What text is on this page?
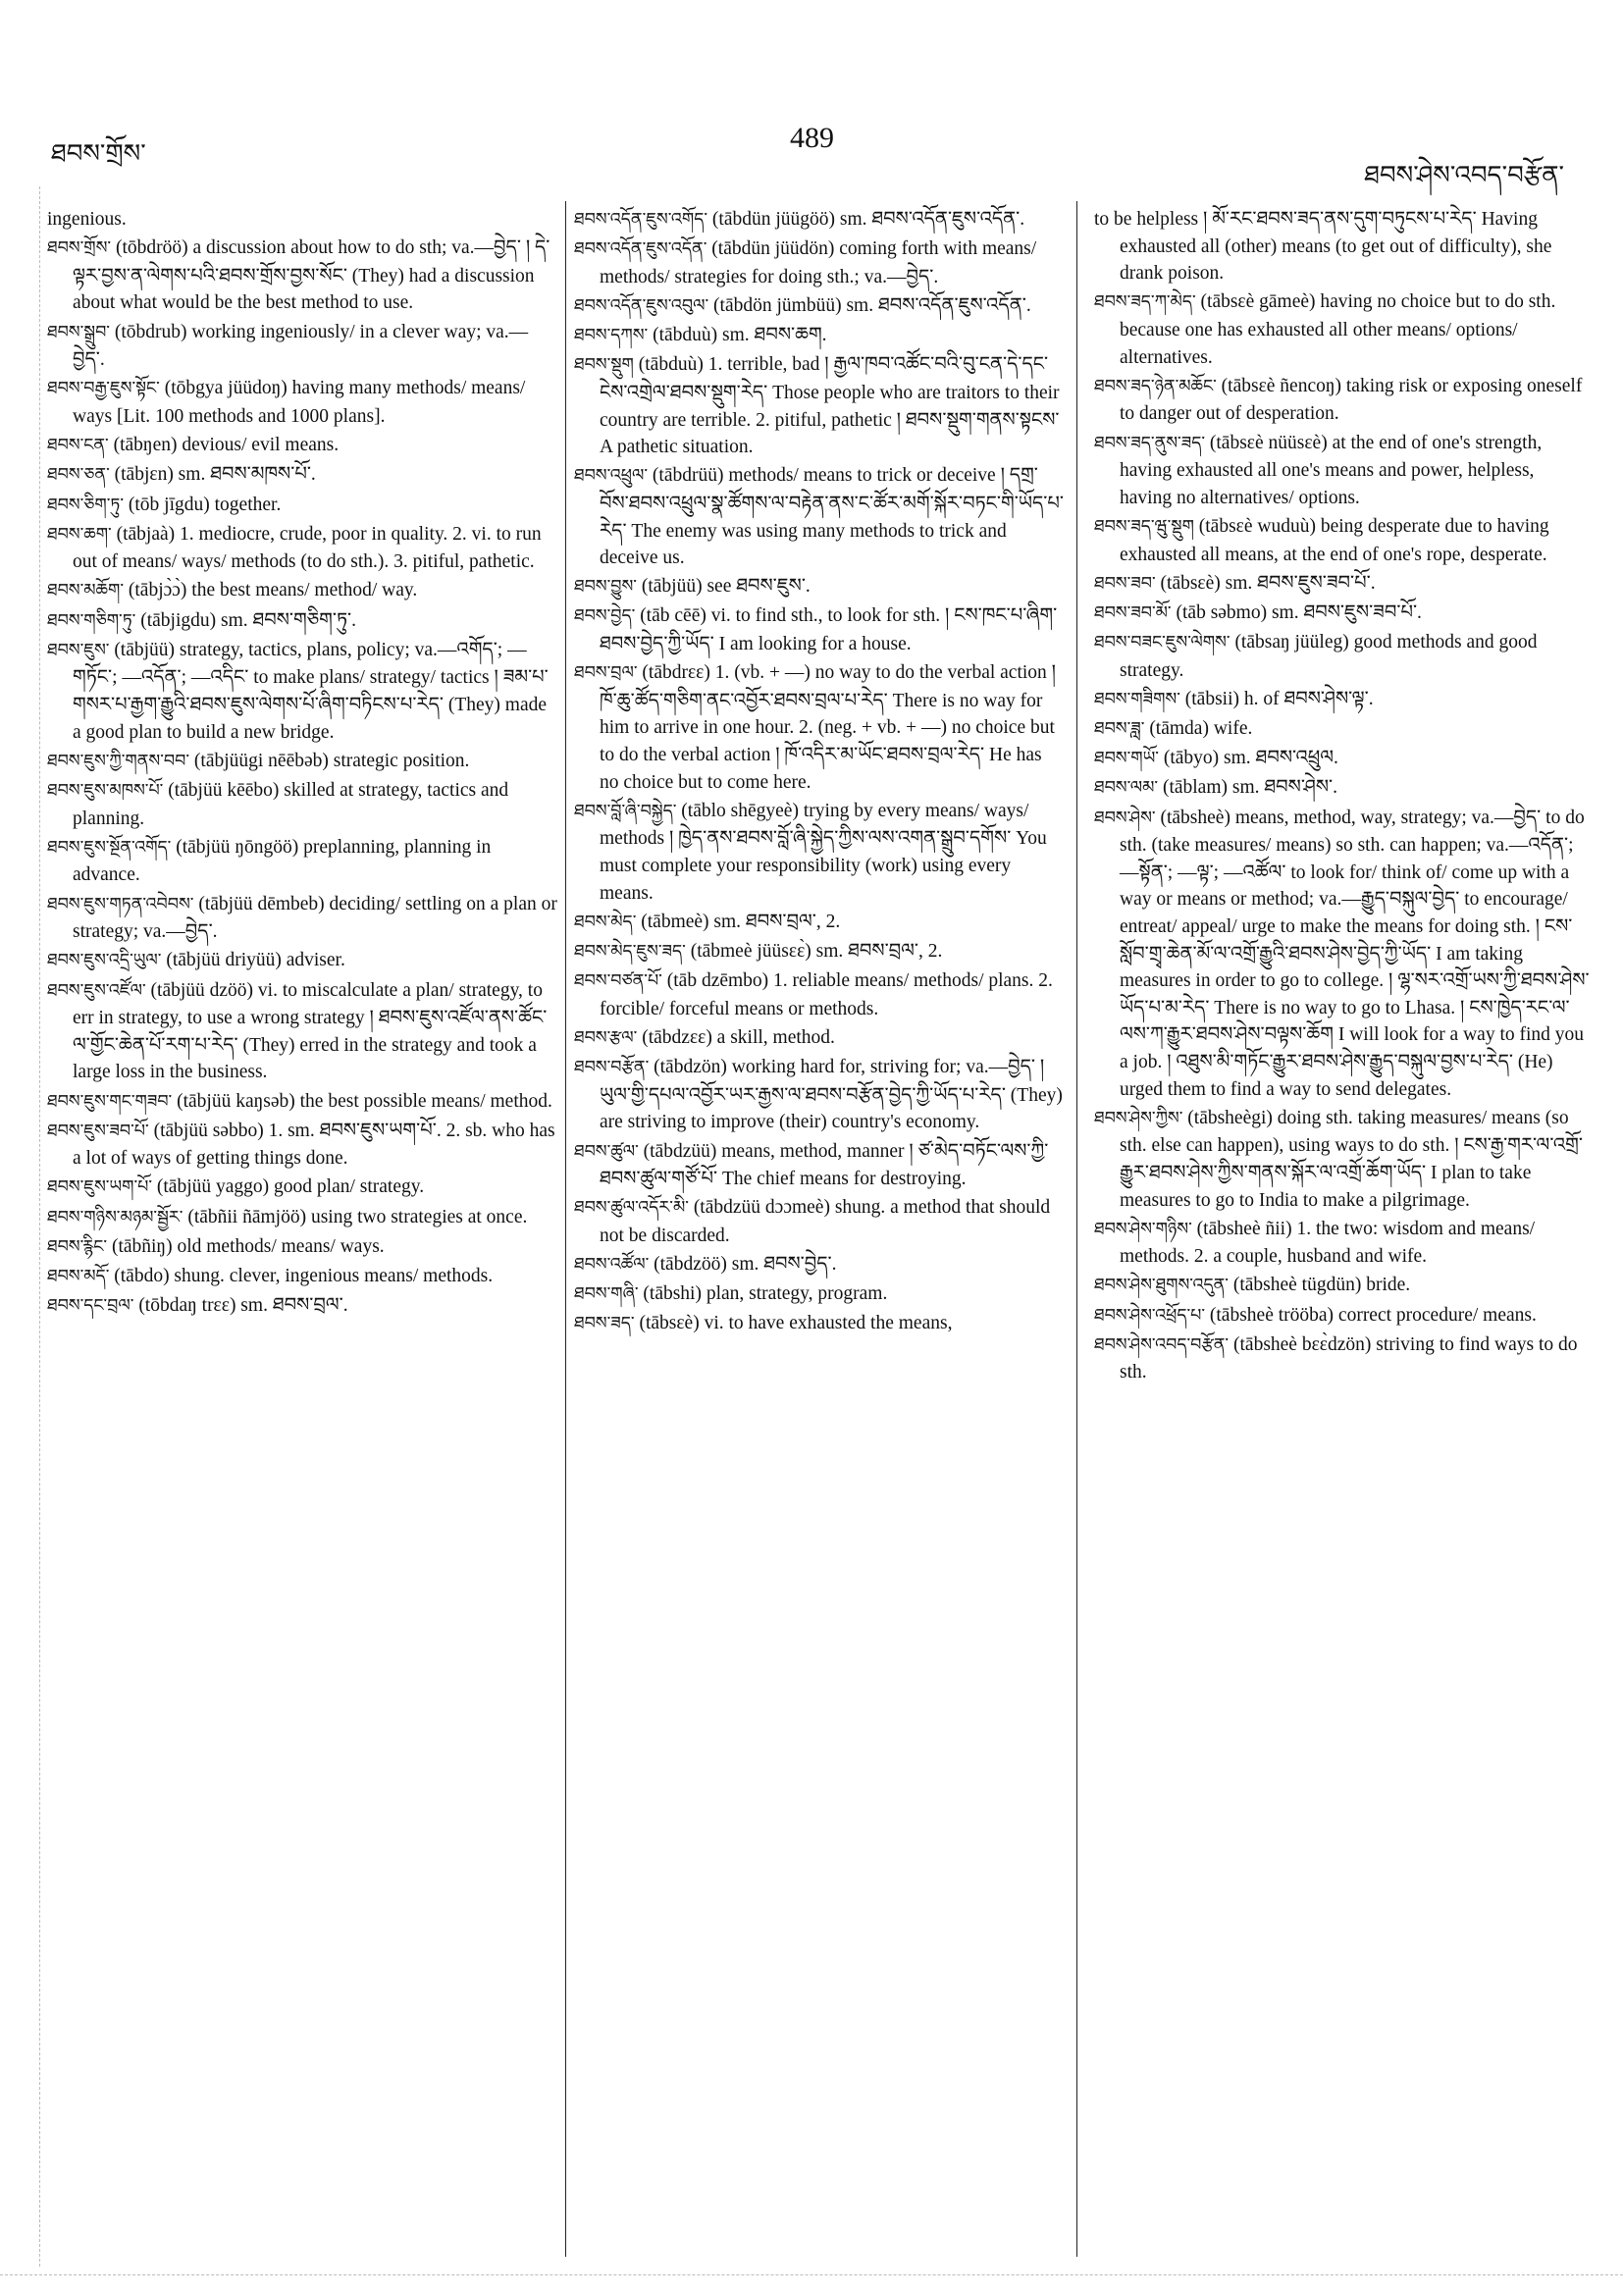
ཐབས་གྲོས་	489
ཐབས་ཤེས་འབད་བརྩོན་
ingenious.
ཐབས་གྲོས་ (tōbdröö) a discussion about how to do sth; va.—བྱེད་ ། དེ་ལྟར་བྱས་ན་ལེགས་པའི་ཐབས་གྲོས་བྱས་སོང་ (They) had a discussion about what would be the best method to use.
ཐབས་སྒྲུབ་ (tōbdrub) working ingeniously/ in a clever way; va.—བྱེད་.
ཐབས་བརྒྱ་ཇུས་སྟོང་ (tōbgya jüüdoŋ) having many methods/ means/ ways [Lit. 100 methods and 1000 plans].
ཐབས་ངན་ (tābŋen) devious/ evil means.
ཐབས་ཅན་ (tābjɛn) sm. ཐབས་མཁས་པོ་.
ཐབས་ཅིག་ཏུ་ (tōb jīgdu) together.
ཐབས་ཆག་ (tābjaà) 1. mediocre, crude, poor in quality. 2. vi. to run out of means/ ways/ methods (to do sth.). 3. pitiful, pathetic.
ཐབས་མཆོག་ (tābjɔ̀ɔ̀) the best means/ method/ way.
ཐབས་གཅིག་ཏུ་ (tābjigdu) sm. ཐབས་གཅིག་ཏུ་.
ཐབས་ཇུས་ (tābjüü) strategy, tactics, plans, policy; va.—འགོད་; —གཏོང་; —འདོན་; —འདིང་ to make plans/ strategy/ tactics ། ཟམ་པ་གསར་པ་རྒྱག་རྒྱུའི་ཐབས་ཇུས་ལེགས་པོ་ཞིག་བཏིངས་པ་རེད་ (They) made a good plan to build a new bridge.
ཐབས་ཇུས་ཀྱི་གནས་བབ་ (tābjüügi nēēbəb) strategic position.
ཐབས་ཇུས་མཁས་པོ་ (tābjüü kēēbo) skilled at strategy, tactics and planning.
ཐབས་ཇུས་སྔོན་འགོད་ (tābjüü ŋōngöö) preplanning, planning in advance.
ཐབས་ཇུས་གཏན་འབེབས་ (tābjüü dēmbeb) deciding/ settling on a plan or strategy; va.—བྱེད་.
ཐབས་ཇུས་འདྲི་ཡུལ་ (tābjüü driyüü) adviser.
ཐབས་ཇུས་འཛོལ་ (tābjüü dzöö) vi. to miscalculate a plan/ strategy, to err in strategy, to use a wrong strategy ། ཐབས་ཇུས་འཛོལ་ནས་ཚོང་ལ་གྱོང་ཆེན་པོ་རག་པ་རེད་ (They) erred in the strategy and took a large loss in the business.
ཐབས་ཇུས་གང་གཟབ་ (tābjüü kaŋsəb) the best possible means/ method.
ཐབས་ཇུས་ཟབ་པོ་ (tābjüü səbbo) 1. sm. ཐབས་ཇུས་ཡག་པོ་. 2. sb. who has a lot of ways of getting things done.
ཐབས་ཇུས་ཡག་པོ་ (tābjüü yaggo) good plan/ strategy.
ཐབས་གཉིས་མཉམ་སྦྱོར་ (tābñii ñāmjöö) using two strategies at once.
ཐབས་རྙིང་ (tābñiŋ) old methods/ means/ ways.
ཐབས་མདོ་ (tābdo) shung. clever, ingenious means/ methods.
ཐབས་དང་བྲལ་ (tōbdaŋ trɛɛ) sm. ཐབས་བྲལ་.
ཐབས་འདོན་ཇུས་འགོད་ (tābdün jüügöö) sm. ཐབས་འདོན་ཇུས་འདོན་.
ཐབས་འདོན་ཇུས་འདོན་ (tābdün jüüdön) coming forth with means/ methods/ strategies for doing sth.; va.—བྱེད་.
ཐབས་འདོན་ཇུས་འབུལ་ (tābdön jümbüü) sm. ཐབས་འདོན་ཇུས་འདོན་.
ཐབས་དཀས་ (tābduù) sm. ཐབས་ཆག.
ཐབས་སྡུག (tābduù) 1. terrible, bad ། རྒྱལ་ཁབ་འཚོང་བའི་བུ་ངན་དེ་དང་ངེས་འགྲེལ་ཐབས་སྡུག་རེད་ Those people who are traitors to their country are terrible. 2. pitiful, pathetic ། ཐབས་སྡུག་གནས་སྟངས་ A pathetic situation.
ཐབས་འཕྲུལ་ (tābdrüü) methods/ means to trick or deceive ། དགྲ་བོས་ཐབས་འཕྲུལ་སྣ་ཚོགས་ལ་བརྟེན་ནས་ང་ཚོར་མགོ་སྐོར་བཏང་གི་ཡོད་པ་རེད་ The enemy was using many methods to trick and deceive us.
ཐབས་བྱུས་ (tābjüü) see ཐབས་ཇུས་.
ཐབས་བྱེད་ (tāb cēē) vi. to find sth., to look for sth. ། ངས་ཁང་པ་ཞིག་ཐབས་བྱེད་ཀྱི་ཡོད་ I am looking for a house.
ཐབས་བྲལ་ (tābdrɛɛ) 1. (vb. + —) no way to do the verbal action ། ཁོ་ཆུ་ཚོད་གཅིག་ནང་འབྱོར་ཐབས་བྲལ་པ་རེད་ There is no way for him to arrive in one hour. 2. (neg. + vb. + —) no choice but to do the verbal action ། ཁོ་འདིར་མ་ཡོང་ཐབས་བྲལ་རེད་ He has no choice but to come here.
ཐབས་བློ་ཞི་བསྐྱེད་ (tāblo shēgyeè) trying by every means/ ways/ methods ། ཁྱེད་ནས་ཐབས་བློ་ཞི་སྐྱེད་ཀྱིས་ལས་འགན་སྒྲུབ་དགོས་ You must complete your responsibility (work) using every means.
ཐབས་མེད་ (tābmeè) sm. ཐབས་བྲལ་, 2.
ཐབས་མེད་ཇུས་ཟད་ (tābmeè jüüsɛɛ̀) sm. ཐབས་བྲལ་, 2.
ཐབས་བཙན་པོ་ (tāb dzēmbo) 1. reliable means/ methods/ plans. 2. forcible/ forceful means or methods.
ཐབས་རྩལ་ (tābdzɛɛ) a skill, method.
ཐབས་བརྩོན་ (tābdzön) working hard for, striving for; va.—བྱེད་ ། ཡུལ་གྱི་དཔལ་འབྱོར་ཡར་རྒྱས་ལ་ཐབས་བརྩོན་བྱེད་ཀྱི་ཡོད་པ་རེད་ (They) are striving to improve (their) country's economy.
ཐབས་ཚུལ་ (tābdzüü) means, method, manner ། ཙ་མེད་བཏོང་ལས་ཀྱི་ཐབས་ཚུལ་གཙོ་པོ་ The chief means for destroying.
ཐབས་ཚུལ་འདོར་མི་ (tābdzüü dɔɔmeè) shung. a method that should not be discarded.
ཐབས་འཚོལ་ (tābdzöö) sm. ཐབས་བྱེད་.
ཐབས་གཞི་ (tābshi) plan, strategy, program.
ཐབས་ཟད་ (tābsɛè) vi. to have exhausted the means,
to be helpless ། མོ་རང་ཐབས་ཟད་ནས་དུག་བཏུངས་པ་རེད་ Having exhausted all (other) means (to get out of difficulty), she drank poison.
ཐབས་ཟད་ཀ་མེད་ (tābsɛè gāmeè) having no choice but to do sth. because one has exhausted all other means/ options/ alternatives.
ཐབས་ཟད་ཉེན་མཆོང་ (tābsɛè ñencoŋ) taking risk or exposing oneself to danger out of desperation.
ཐབས་ཟད་ནུས་ཟད་ (tābsɛè nüüsɛè) at the end of one's strength, having exhausted all one's means and power, helpless, having no alternatives/ options.
ཐབས་ཟད་ཝུ་སྡུག (tābsɛè wuduù) being desperate due to having exhausted all means, at the end of one's rope, desperate.
ཐབས་ཟབ་ (tābsɛè) sm. ཐབས་ཇུས་ཟབ་པོ་.
ཐབས་ཟབ་མོ་ (tāb səbmo) sm. ཐབས་ཇུས་ཟབ་པོ་.
ཐབས་བཟང་ཇུས་ལེགས་ (tābsaŋ jüüleg) good methods and good strategy.
ཐབས་གཟིགས་ (tābsii) h. of ཐབས་ཤེས་ལྟ་.
ཐབས་ཟླ་ (tāmda) wife.
ཐབས་གཡོ་ (tābyo) sm. ཐབས་འཕྲུལ.
ཐབས་ལམ་ (tāblam) sm. ཐབས་ཤེས་.
ཐབས་ཤེས་ (tābsheè) means, method, way, strategy; va.—བྱེད་ to do sth. (take measures/ means) so sth. can happen; va.—འདོན་; —སྟོན་; —ལྟ་; —འཚོལ་ to look for/ think of/ come up with a way or means or method; va.—རྒྱུད་བསྐུལ་བྱེད་ to encourage/ entreat/ appeal/ urge to make the means for doing sth. ། ངས་སློབ་གྲྭ་ཆེན་མོ་ལ་འགྲོ་རྒྱུའི་ཐབས་ཤེས་བྱེད་ཀྱི་ཡོད་ I am taking measures in order to go to college. ། ལྷ་སར་འགྲོ་ཡས་ཀྱི་ཐབས་ཤེས་ཡོད་པ་མ་རེད་ There is no way to go to Lhasa. ། ངས་ཁྱེད་རང་ལ་ལས་ཀ་རྒྱུར་ཐབས་ཤེས་བལྟས་ཆོག I will look for a way to find you a job. ། འཐུས་མི་གཏོང་རྒྱུར་ཐབས་ཤེས་རྒྱུད་བསྐུལ་བྱས་པ་རེད་ (He) urged them to find a way to send delegates.
ཐབས་ཤེས་ཀྱིས་ (tābsheègi) doing sth. taking measures/ means (so sth. else can happen), using ways to do sth. ། ངས་རྒྱ་གར་ལ་འགྲོ་རྒྱུར་ཐབས་ཤེས་ཀྱིས་གནས་སྐོར་ལ་འགྲོ་ཆོག་ཡོད་ I plan to take measures to go to India to make a pilgrimage.
ཐབས་ཤེས་གཉིས་ (tābsheè ñii) 1. the two: wisdom and means/ methods. 2. a couple, husband and wife.
ཐབས་ཤེས་ཐུགས་འདུན་ (tābsheè tügdün) bride.
ཐབས་ཤེས་འཕྲོད་པ་ (tābsheè trööba) correct procedure/ means.
ཐབས་ཤེས་འབད་བརྩོན་ (tābsheè bɛɛ̀dzön) striving to find ways to do sth.
